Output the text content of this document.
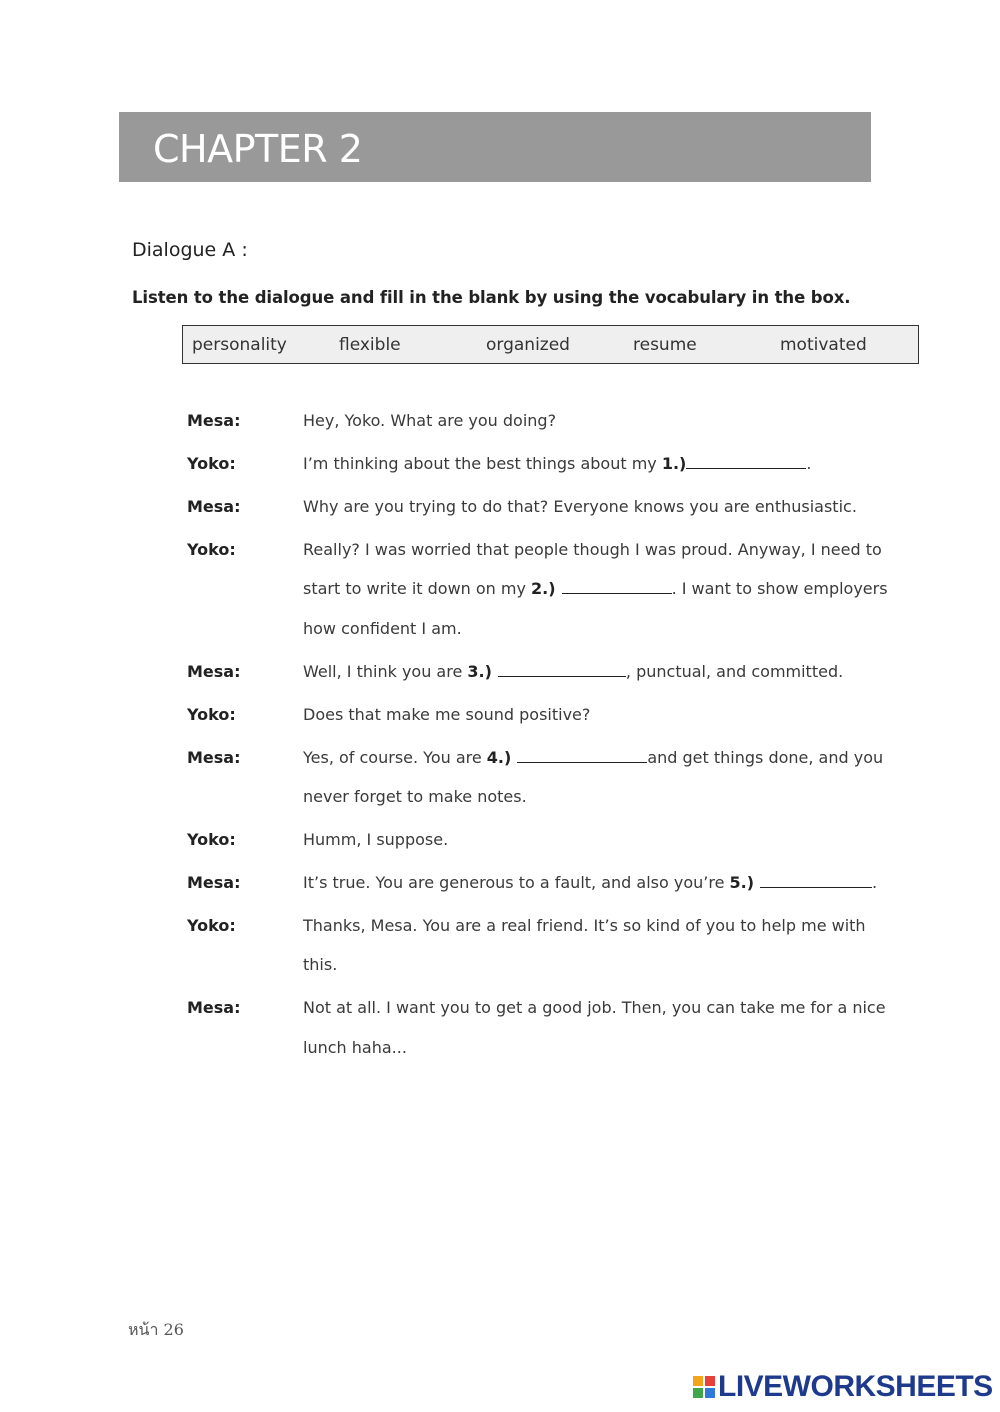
CHAPTER 2
Dialogue A :
Listen to the dialogue and fill in the blank by using the vocabulary in the box.
personality	flexible	organized	resume	motivated
Mesa:	Hey, Yoko. What are you doing?
Yoko:	I’m thinking about the best things about my 1.)	.
Mesa:	Why are you trying to do that? Everyone knows you are enthusiastic.
Yoko:	Really? I was worried that people though I was proud. Anyway, I need to
start to write it down on my 2.)	. I want to show employers
how confident I am.
Mesa:	Well, I think you are 3.)	, punctual, and committed.
Yoko:	Does that make me sound positive?
Mesa:	Yes, of course. You are 4.)	and get things done, and you
never forget to make notes.
Yoko:	Humm, I suppose.
Mesa:	It’s true. You are generous to a fault, and also you’re 5.)	.
Yoko:	Thanks, Mesa. You are a real friend. It’s so kind of you to help me with
this.
Mesa:	Not at all. I want you to get a good job. Then, you can take me for a nice
lunch haha...
หน้า 26
LIVEWORKSHEETS
